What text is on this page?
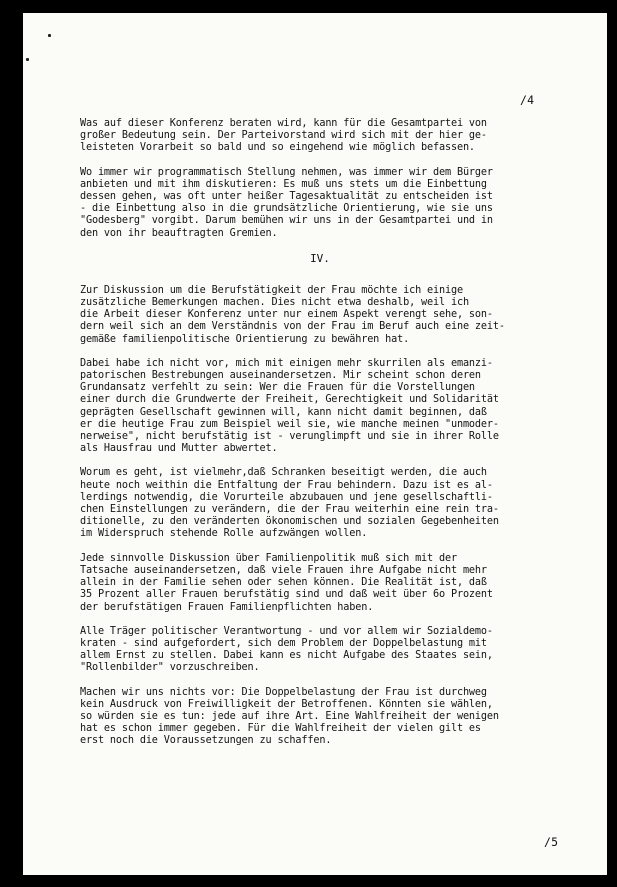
/4

Was auf dieser Konferenz beraten wird, kann für die Gesamtpartei von
großer Bedeutung sein. Der Parteivorstand wird sich mit der hier ge-
leisteten Vorarbeit so bald und so eingehend wie möglich befassen.

Wo immer wir programmatisch Stellung nehmen, was immer wir dem Bürger
anbieten und mit ihm diskutieren: Es muß uns stets um die Einbettung
dessen gehen, was oft unter heißer Tagesaktualität zu entscheiden ist
- die Einbettung also in die grundsätzliche Orientierung, wie sie uns
"Godesberg" vorgibt. Darum bemühen wir uns in der Gesamtpartei und in
den von ihr beauftragten Gremien.

IV.

Zur Diskussion um die Berufstätigkeit der Frau möchte ich einige
zusätzliche Bemerkungen machen. Dies nicht etwa deshalb, weil ich
die Arbeit dieser Konferenz unter nur einem Aspekt verengt sehe, son-
dern weil sich an dem Verständnis von der Frau im Beruf auch eine zeit-
gemäße familienpolitische Orientierung zu bewähren hat.

Dabei habe ich nicht vor, mich mit einigen mehr skurrilen als emanzi-
patorischen Bestrebungen auseinandersetzen. Mir scheint schon deren
Grundansatz verfehlt zu sein: Wer die Frauen für die Vorstellungen
einer durch die Grundwerte der Freiheit, Gerechtigkeit und Solidarität
geprägten Gesellschaft gewinnen will, kann nicht damit beginnen, daß
er die heutige Frau zum Beispiel weil sie, wie manche meinen "unmoder-
nerweise", nicht berufstätig ist - verunglimpft und sie in ihrer Rolle
als Hausfrau und Mutter abwertet.

Worum es geht, ist vielmehr,daß Schranken beseitigt werden, die auch
heute noch weithin die Entfaltung der Frau behindern. Dazu ist es al-
lerdings notwendig, die Vorurteile abzubauen und jene gesellschaftli-
chen Einstellungen zu verändern, die der Frau weiterhin eine rein tra-
ditionelle, zu den veränderten ökonomischen und sozialen Gegebenheiten
im Widerspruch stehende Rolle aufzwängen wollen.

Jede sinnvolle Diskussion über Familienpolitik muß sich mit der
Tatsache auseinandersetzen, daß viele Frauen ihre Aufgabe nicht mehr
allein in der Familie sehen oder sehen können. Die Realität ist, daß
35 Prozent aller Frauen berufstätig sind und daß weit über 6o Prozent
der berufstätigen Frauen Familienpflichten haben.

Alle Träger politischer Verantwortung - und vor allem wir Sozialdemo-
kraten - sind aufgefordert, sich dem Problem der Doppelbelastung mit
allem Ernst zu stellen. Dabei kann es nicht Aufgabe des Staates sein,
"Rollenbilder" vorzuschreiben.

Machen wir uns nichts vor: Die Doppelbelastung der Frau ist durchweg
kein Ausdruck von Freiwilligkeit der Betroffenen. Könnten sie wählen,
so würden sie es tun: jede auf ihre Art. Eine Wahlfreiheit der wenigen
hat es schon immer gegeben. Für die Wahlfreiheit der vielen gilt es
erst noch die Voraussetzungen zu schaffen.

/5
